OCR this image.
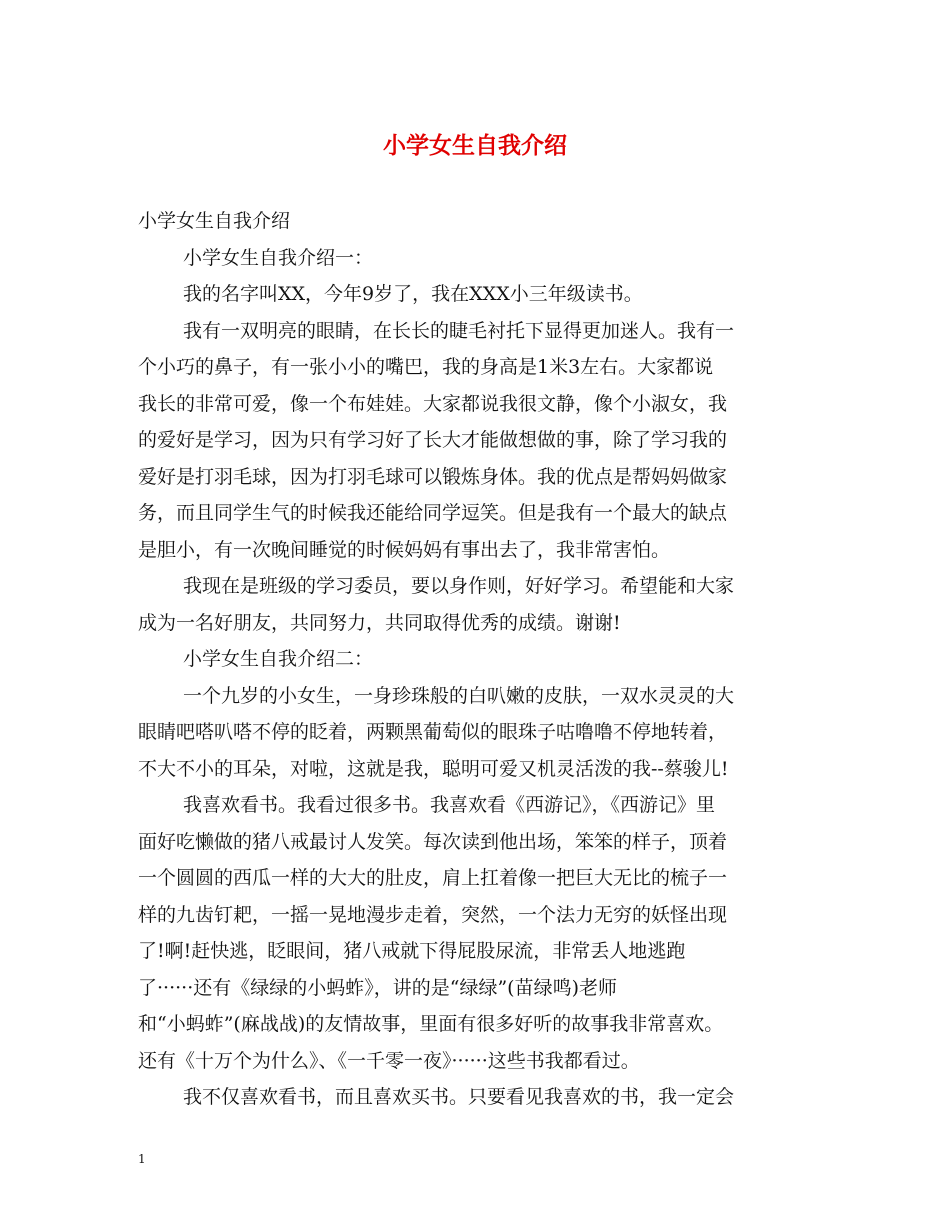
小学女生自我介绍
小学女生自我介绍
小学女生自我介绍一：
我的名字叫XX，今年9岁了，我在XXX小三年级读书。
我有一双明亮的眼睛，在长长的睫毛衬托下显得更加迷人。我有一
个小巧的鼻子，有一张小小的嘴巴，我的身高是1米3左右。大家都说
我长的非常可爱，像一个布娃娃。大家都说我很文静，像个小淑女，我
的爱好是学习，因为只有学习好了长大才能做想做的事，除了学习我的
爱好是打羽毛球，因为打羽毛球可以锻炼身体。我的优点是帮妈妈做家
务，而且同学生气的时候我还能给同学逗笑。但是我有一个最大的缺点
是胆小，有一次晚间睡觉的时候妈妈有事出去了，我非常害怕。
我现在是班级的学习委员，要以身作则，好好学习。希望能和大家
成为一名好朋友，共同努力，共同取得优秀的成绩。谢谢!
小学女生自我介绍二：
一个九岁的小女生，一身珍珠般的白叭嫩的皮肤，一双水灵灵的大
眼睛吧嗒叭嗒不停的眨着，两颗黑葡萄似的眼珠子咕噜噜不停地转着，
不大不小的耳朵，对啦，这就是我，聪明可爱又机灵活泼的我--蔡骏儿!
我喜欢看书。我看过很多书。我喜欢看《西游记》，《西游记》里
面好吃懒做的猪八戒最讨人发笑。每次读到他出场，笨笨的样子，顶着
一个圆圆的西瓜一样的大大的肚皮，肩上扛着像一把巨大无比的梳子一
样的九齿钉耙，一摇一晃地漫步走着，突然，一个法力无穷的妖怪出现
了!啊!赶快逃，眨眼间，猪八戒就下得屁股尿流，非常丢人地逃跑
了······还有《绿绿的小蚂蚱》，讲的是“绿绿”(苗绿鸣)老师
和“小蚂蚱”(麻战战)的友情故事，里面有很多好听的故事我非常喜欢。
还有《十万个为什么》、《一千零一夜》······这些书我都看过。
我不仅喜欢看书，而且喜欢买书。只要看见我喜欢的书，我一定会
1
